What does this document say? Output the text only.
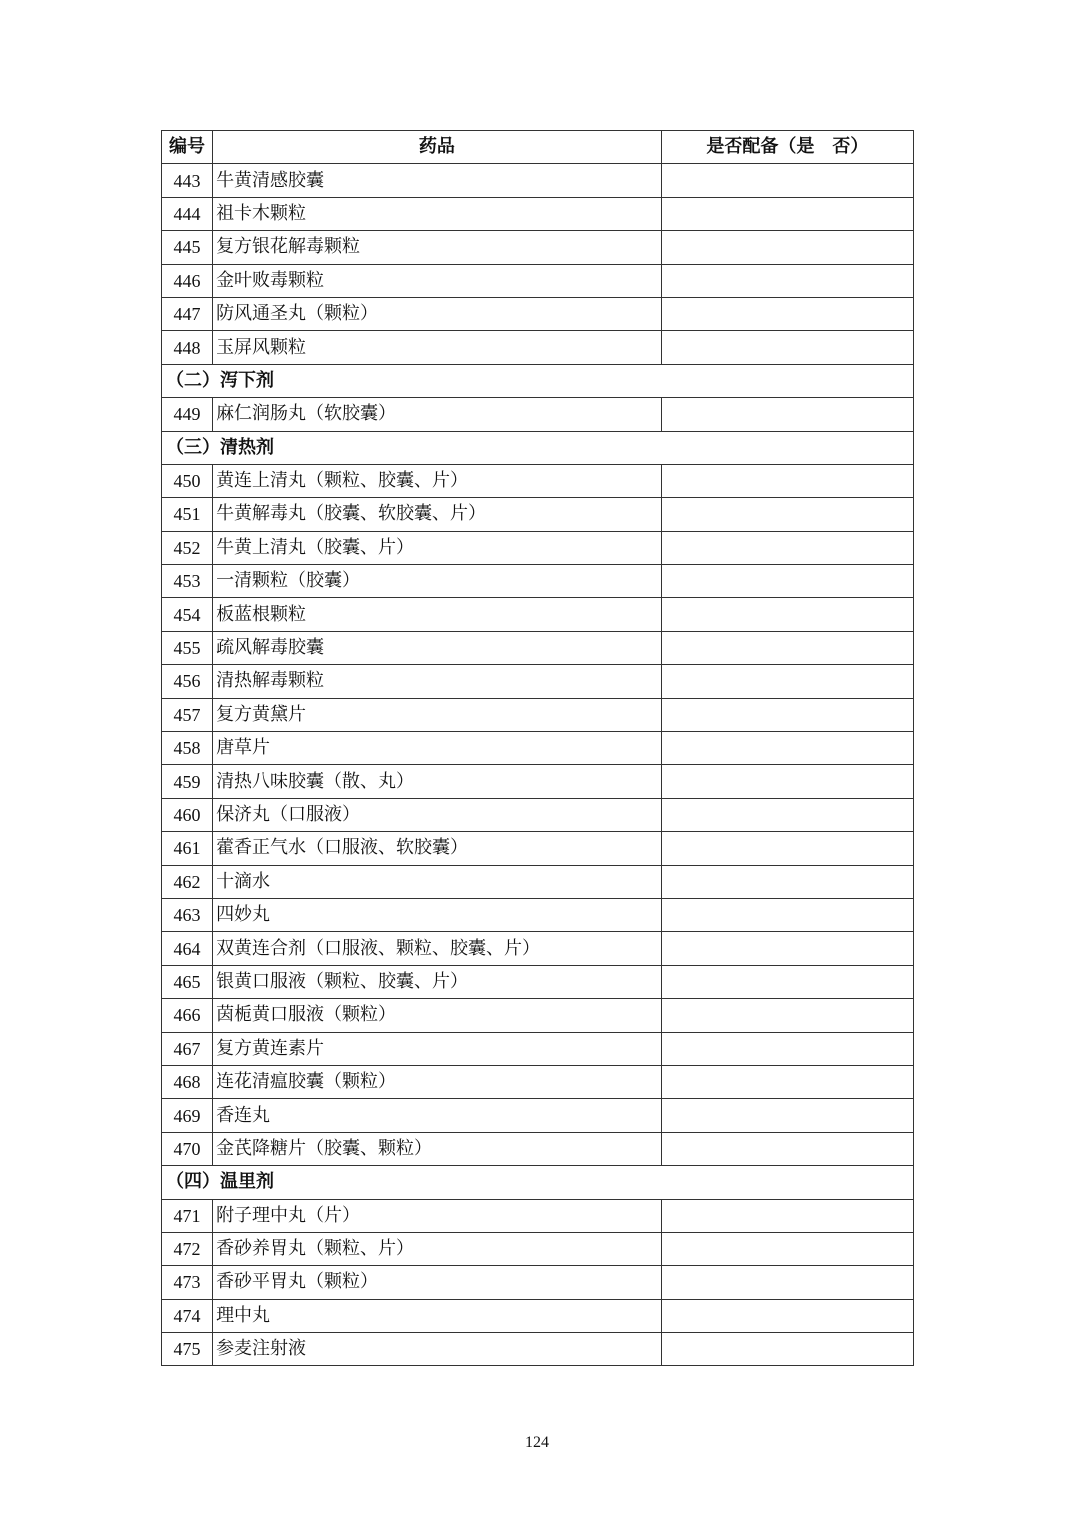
编号	药品	是否配备（是　否）
443	牛黄清感胶囊	
444	祖卡木颗粒	
445	复方银花解毒颗粒	
446	金叶败毒颗粒	
447	防风通圣丸（颗粒）	
448	玉屏风颗粒	
（二）泻下剂		
449	麻仁润肠丸（软胶囊）	
（三）清热剂		
450	黄连上清丸（颗粒、胶囊、片）	
451	牛黄解毒丸（胶囊、软胶囊、片）	
452	牛黄上清丸（胶囊、片）	
453	一清颗粒（胶囊）	
454	板蓝根颗粒	
455	疏风解毒胶囊	
456	清热解毒颗粒	
457	复方黄黛片	
458	唐草片	
459	清热八味胶囊（散、丸）	
460	保济丸（口服液）	
461	藿香正气水（口服液、软胶囊）	
462	十滴水	
463	四妙丸	
464	双黄连合剂（口服液、颗粒、胶囊、片）	
465	银黄口服液（颗粒、胶囊、片）	
466	茵栀黄口服液（颗粒）	
467	复方黄连素片	
468	连花清瘟胶囊（颗粒）	
469	香连丸	
470	金芪降糖片（胶囊、颗粒）	
（四）温里剂		
471	附子理中丸（片）	
472	香砂养胃丸（颗粒、片）	
473	香砂平胃丸（颗粒）	
474	理中丸	
475	参麦注射液	
124
